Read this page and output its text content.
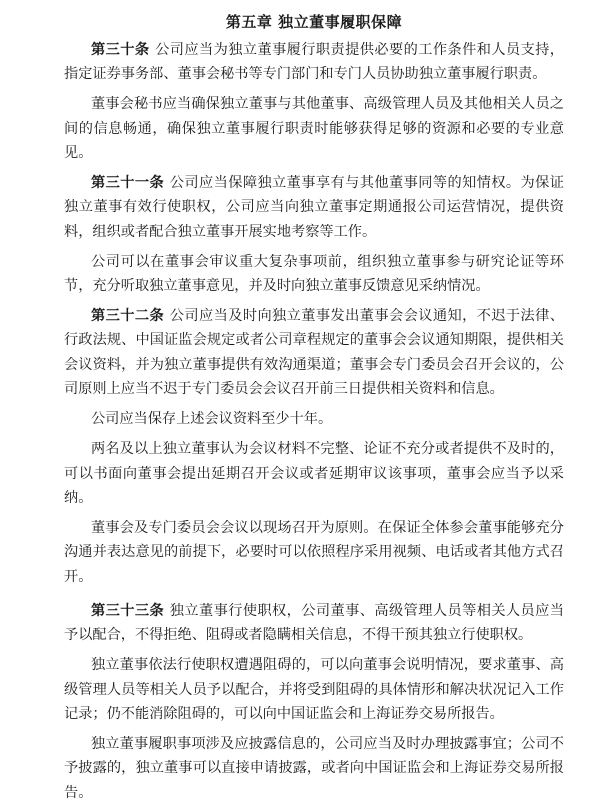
第五章 独立董事履职保障
第三十条 公司应当为独立董事履行职责提供必要的工作条件和人员支持，指定证券事务部、董事会秘书等专门部门和专门人员协助独立董事履行职责。
董事会秘书应当确保独立董事与其他董事、高级管理人员及其他相关人员之间的信息畅通，确保独立董事履行职责时能够获得足够的资源和必要的专业意见。
第三十一条 公司应当保障独立董事享有与其他董事同等的知情权。为保证独立董事有效行使职权，公司应当向独立董事定期通报公司运营情况，提供资料，组织或者配合独立董事开展实地考察等工作。
公司可以在董事会审议重大复杂事项前，组织独立董事参与研究论证等环节，充分听取独立董事意见，并及时向独立董事反馈意见采纳情况。
第三十二条 公司应当及时向独立董事发出董事会会议通知，不迟于法律、行政法规、中国证监会规定或者公司章程规定的董事会会议通知期限，提供相关会议资料，并为独立董事提供有效沟通渠道；董事会专门委员会召开会议的，公司原则上应当不迟于专门委员会会议召开前三日提供相关资料和信息。
公司应当保存上述会议资料至少十年。
两名及以上独立董事认为会议材料不完整、论证不充分或者提供不及时的，可以书面向董事会提出延期召开会议或者延期审议该事项，董事会应当予以采纳。
董事会及专门委员会会议以现场召开为原则。在保证全体参会董事能够充分沟通并表达意见的前提下，必要时可以依照程序采用视频、电话或者其他方式召开。
第三十三条 独立董事行使职权，公司董事、高级管理人员等相关人员应当予以配合，不得拒绝、阻碍或者隐瞒相关信息，不得干预其独立行使职权。
独立董事依法行使职权遭遇阻碍的，可以向董事会说明情况，要求董事、高级管理人员等相关人员予以配合，并将受到阻碍的具体情形和解决状况记入工作记录；仍不能消除阻碍的，可以向中国证监会和上海证券交易所报告。
独立董事履职事项涉及应披露信息的，公司应当及时办理披露事宜；公司不予披露的，独立董事可以直接申请披露，或者向中国证监会和上海证券交易所报告。
